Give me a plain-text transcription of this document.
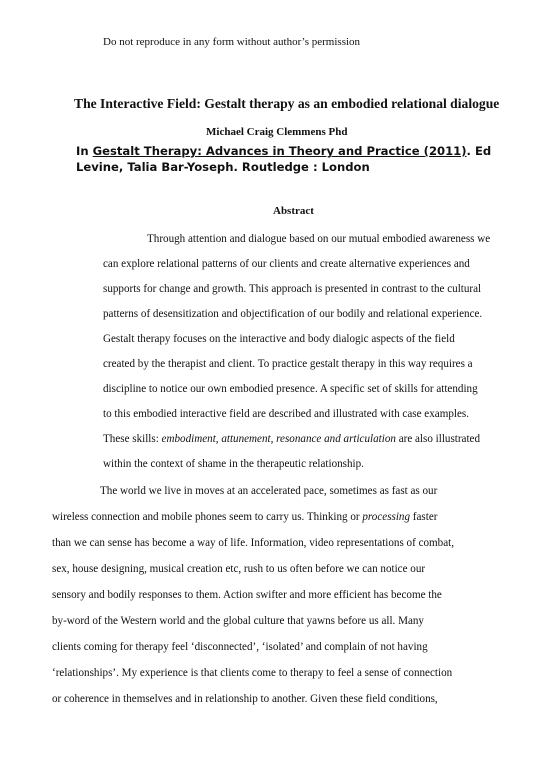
Do not reproduce in any form without author’s permission
The Interactive Field: Gestalt therapy as an embodied relational dialogue
Michael Craig Clemmens Phd
In Gestalt Therapy: Advances in Theory and Practice (2011). Ed
Levine, Talia Bar-Yoseph. Routledge : London
Abstract
Through attention and dialogue based on our mutual embodied awareness we
can explore relational patterns of our clients and create alternative experiences and
supports for change and growth. This approach is presented in contrast to the cultural
patterns of desensitization and objectification of our bodily and relational experience.
Gestalt therapy focuses on the interactive and body dialogic aspects of the field
created by the therapist and client. To practice gestalt therapy in this way requires a
discipline to notice our own embodied presence. A specific set of skills for attending
to this embodied interactive field are described and illustrated with case examples.
These skills: embodiment, attunement, resonance and articulation are also illustrated
within the context of shame in the therapeutic relationship.
The world we live in moves at an accelerated pace, sometimes as fast as our
wireless connection and mobile phones seem to carry us. Thinking or processing faster
than we can sense has become a way of life. Information, video representations of combat,
sex, house designing, musical creation etc, rush to us often before we can notice our
sensory and bodily responses to them. Action swifter and more efficient has become the
by-word of the Western world and the global culture that yawns before us all. Many
clients coming for therapy feel ‘disconnected’, ‘isolated’ and complain of not having
‘relationships’. My experience is that clients come to therapy to feel a sense of connection
or coherence in themselves and in relationship to another. Given these field conditions,
